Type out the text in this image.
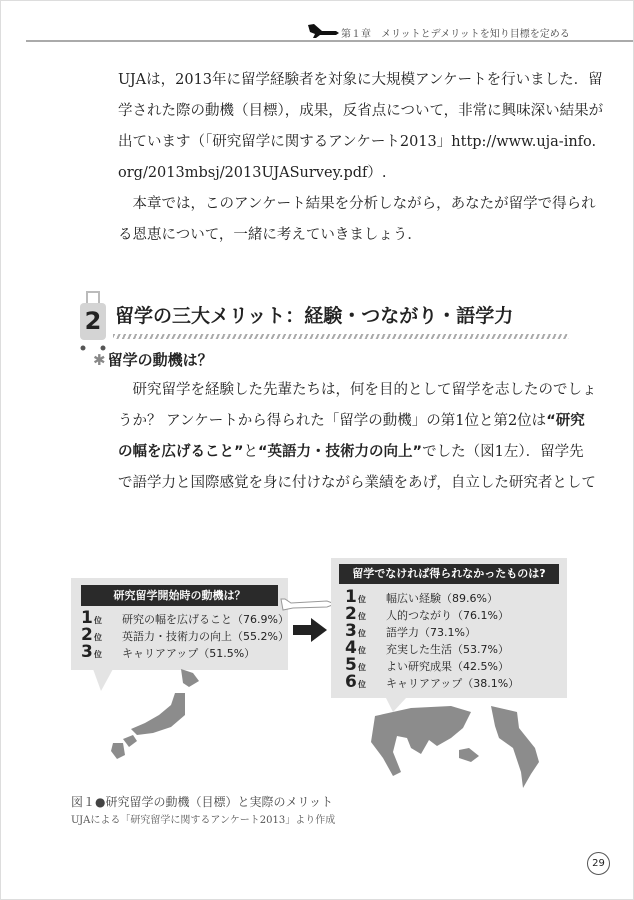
第１章　メリットとデメリットを知り目標を定める
UJAは，2013年に留学経験者を対象に大規模アンケートを行いました．留
学された際の動機（目標），成果，反省点について，非常に興味深い結果が
出ています（「研究留学に関するアンケート2013」http://www.uja-info.
org/2013mbsj/2013UJASurvey.pdf）.
　本章では，このアンケート結果を分析しながら，あなたが留学で得られ
る恩恵について，一緒に考えていきましょう．
2 留学の三大メリット：経験・つながり・語学力
✱ 留学の動機は？
　研究留学を経験した先輩たちは，何を目的として留学を志したのでしょ
うか？ アンケートから得られた「留学の動機」の第1位と第2位は“研究
の幅を広げること”と“英語力・技術力の向上”でした（図1左）．留学先
で語学力と国際感覚を身に付けながら業績をあげ，自立した研究者として
研究留学開始時の動機は？
1位 研究の幅を広げること（76.9%）
2位 英語力・技術力の向上（55.2%）
3位 キャリアアップ（51.5%）
留学でなければ得られなかったものは?
1位 幅広い経験（89.6%）
2位 人的つながり（76.1%）
3位 語学力（73.1%）
4位 充実した生活（53.7%）
5位 よい研究成果（42.5%）
6位 キャリアアップ（38.1%）
図１●研究留学の動機（目標）と実際のメリット
UJAによる「研究留学に関するアンケート2013」より作成
29
